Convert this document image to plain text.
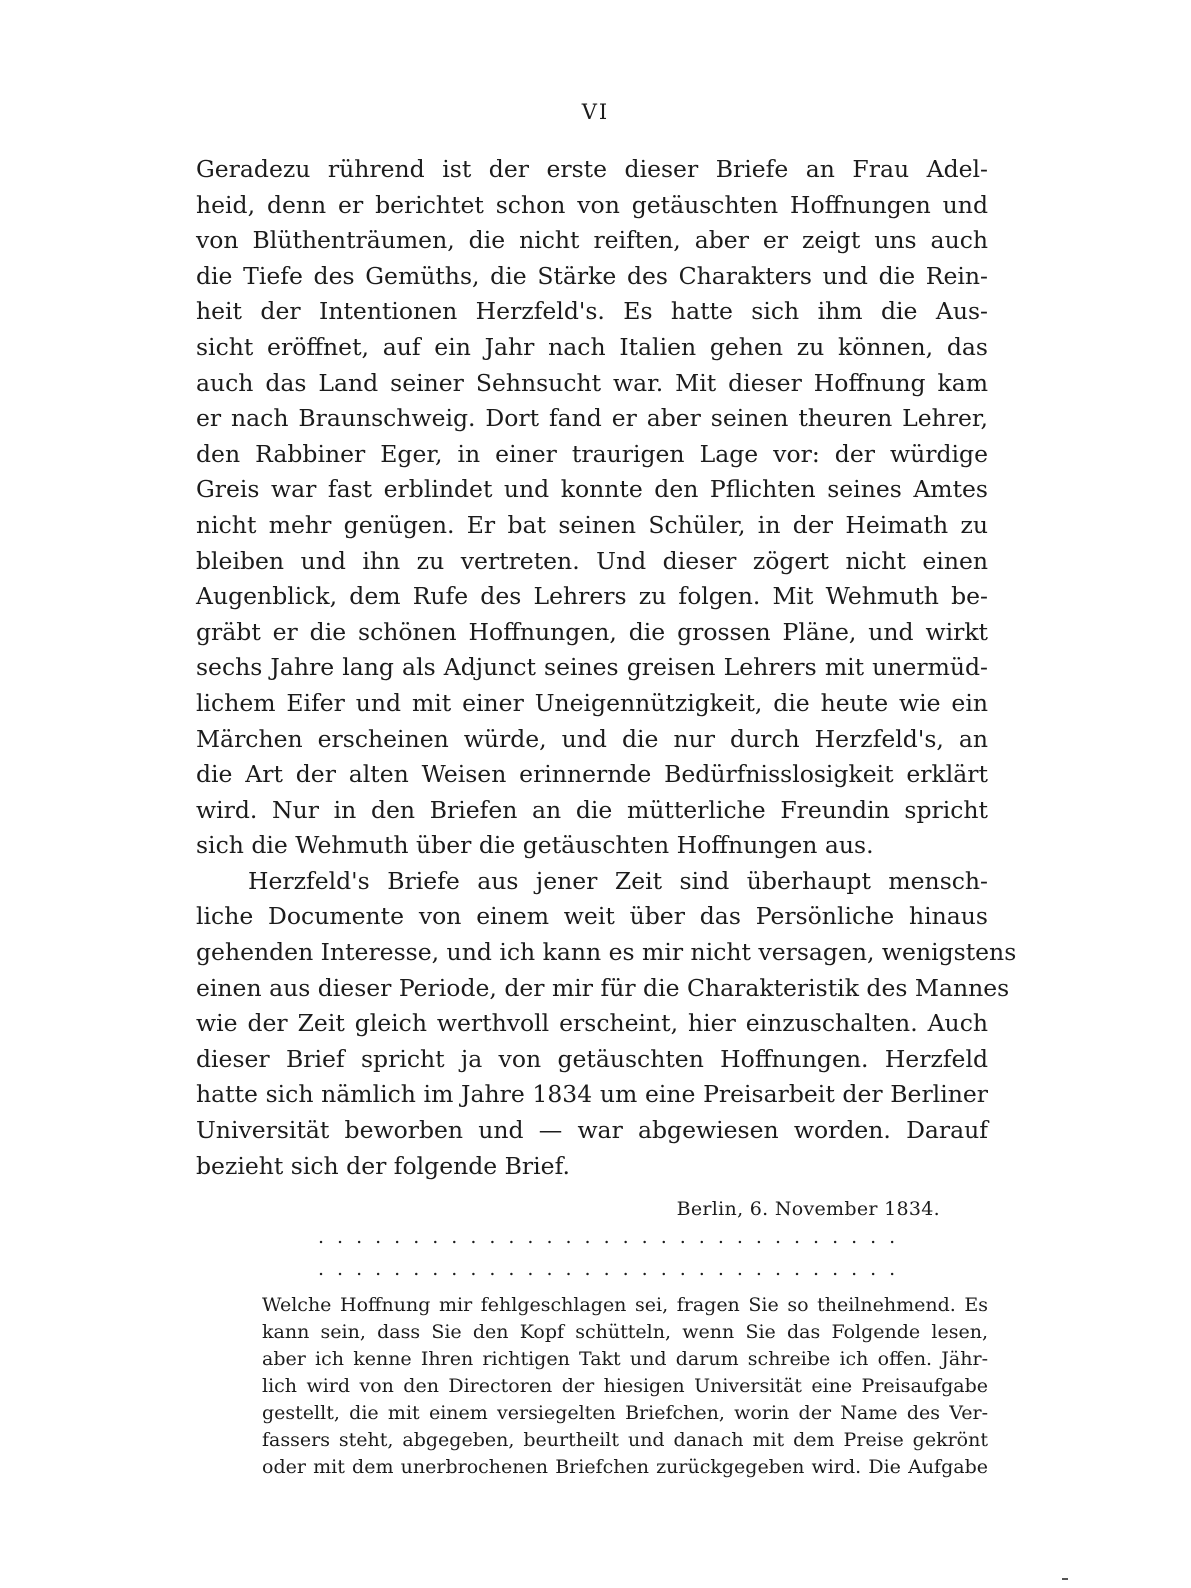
VI
Geradezu rührend ist der erste dieser Briefe an Frau Adel-
heid, denn er berichtet schon von getäuschten Hoffnungen und
von Blüthenträumen, die nicht reiften, aber er zeigt uns auch
die Tiefe des Gemüths, die Stärke des Charakters und die Rein-
heit der Intentionen Herzfeld's. Es hatte sich ihm die Aus-
sicht eröffnet, auf ein Jahr nach Italien gehen zu können, das
auch das Land seiner Sehnsucht war. Mit dieser Hoffnung kam
er nach Braunschweig. Dort fand er aber seinen theuren Lehrer,
den Rabbiner Eger, in einer traurigen Lage vor: der würdige
Greis war fast erblindet und konnte den Pflichten seines Amtes
nicht mehr genügen. Er bat seinen Schüler, in der Heimath zu
bleiben und ihn zu vertreten. Und dieser zögert nicht einen
Augenblick, dem Rufe des Lehrers zu folgen. Mit Wehmuth be-
gräbt er die schönen Hoffnungen, die grossen Pläne, und wirkt
sechs Jahre lang als Adjunct seines greisen Lehrers mit unermüd-
lichem Eifer und mit einer Uneigennützigkeit, die heute wie ein
Märchen erscheinen würde, und die nur durch Herzfeld's, an
die Art der alten Weisen erinnernde Bedürfnisslosigkeit erklärt
wird. Nur in den Briefen an die mütterliche Freundin spricht
sich die Wehmuth über die getäuschten Hoffnungen aus.
Herzfeld's Briefe aus jener Zeit sind überhaupt mensch-
liche Documente von einem weit über das Persönliche hinaus
gehenden Interesse, und ich kann es mir nicht versagen, wenigstens
einen aus dieser Periode, der mir für die Charakteristik des Mannes
wie der Zeit gleich werthvoll erscheint, hier einzuschalten. Auch
dieser Brief spricht ja von getäuschten Hoffnungen. Herzfeld
hatte sich nämlich im Jahre 1834 um eine Preisarbeit der Berliner
Universität beworben und — war abgewiesen worden. Darauf
bezieht sich der folgende Brief.
Berlin, 6. November 1834.
...............................
...............................
Welche Hoffnung mir fehlgeschlagen sei, fragen Sie so theilnehmend. Es
kann sein, dass Sie den Kopf schütteln, wenn Sie das Folgende lesen,
aber ich kenne Ihren richtigen Takt und darum schreibe ich offen. Jähr-
lich wird von den Directoren der hiesigen Universität eine Preisaufgabe
gestellt, die mit einem versiegelten Briefchen, worin der Name des Ver-
fassers steht, abgegeben, beurtheilt und danach mit dem Preise gekrönt
oder mit dem unerbrochenen Briefchen zurückgegeben wird. Die Aufgabe
